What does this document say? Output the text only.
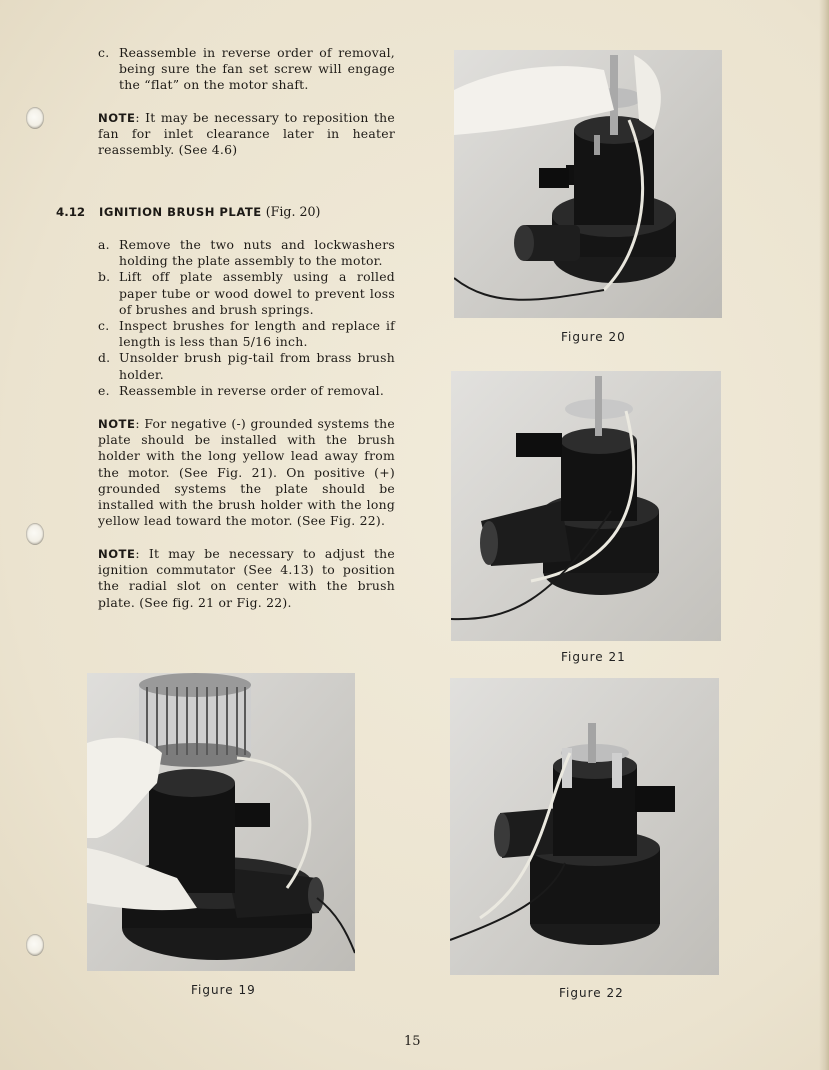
c. Reassemble in reverse order of removal, being sure the fan set screw will engage the “flat” on the motor shaft.
NOTE: It may be necessary to reposition the fan for inlet clearance later in heater reassembly. (See 4.6)
4.12 IGNITION BRUSH PLATE (Fig. 20)
a. Remove the two nuts and lockwashers holding the plate assembly to the motor.
b. Lift off plate assembly using a rolled paper tube or wood dowel to prevent loss of brushes and brush springs.
c. Inspect brushes for length and replace if length is less than 5/16 inch.
d. Unsolder brush pig-tail from brass brush holder.
e. Reassemble in reverse order of removal.
NOTE: For negative (-) grounded systems the plate should be installed with the brush holder with the long yellow lead away from the motor. (See Fig. 21). On positive (+) grounded systems the plate should be installed with the brush holder with the long yellow lead toward the motor. (See Fig. 22).
NOTE: It may be necessary to adjust the ignition commutator (See 4.13) to position the radial slot on center with the brush plate. (See fig. 21 or Fig. 22).
Figure 20
Figure 21
Figure 19	Figure 22
15
